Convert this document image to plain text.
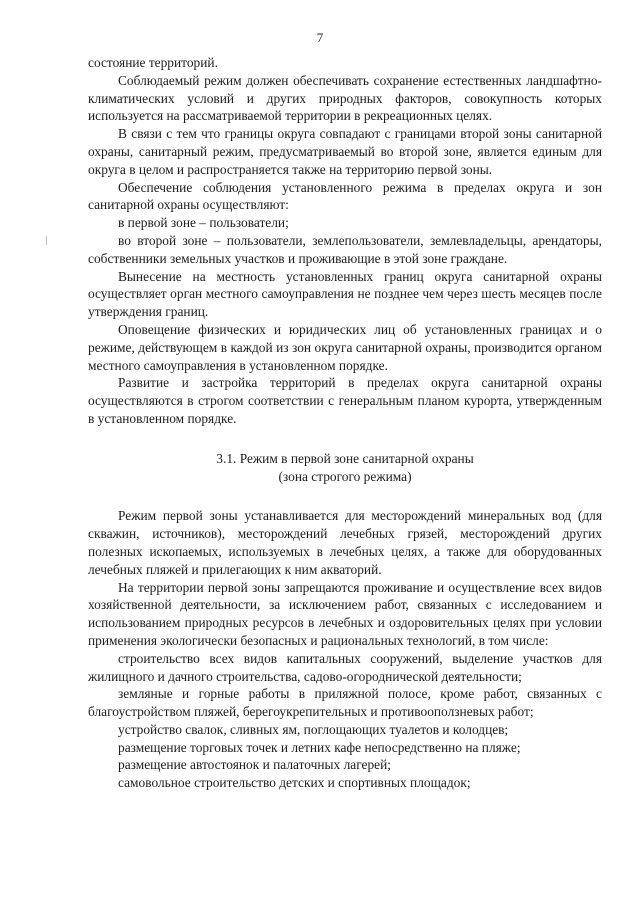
7

состояние территорий.

Соблюдаемый режим должен обеспечивать сохранение естественных ландшафтно-климатических условий и других природных факторов, совокупность которых используется на рассматриваемой территории в рекреационных целях.

В связи с тем что границы округа совпадают с границами второй зоны санитарной охраны, санитарный режим, предусматриваемый во второй зоне, является единым для округа в целом и распространяется также на территорию первой зоны.

Обеспечение соблюдения установленного режима в пределах округа и зон санитарной охраны осуществляют:

в первой зоне – пользователи;

во второй зоне – пользователи, землепользователи, землевладельцы, арендаторы, собственники земельных участков и проживающие в этой зоне граждане.

Вынесение на местность установленных границ округа санитарной охраны осуществляет орган местного самоуправления не позднее чем через шесть месяцев после утверждения границ.

Оповещение физических и юридических лиц об установленных границах и о режиме, действующем в каждой из зон округа санитарной охраны, производится органом местного самоуправления в установленном порядке.

Развитие и застройка территорий в пределах округа санитарной охраны осуществляются в строгом соответствии с генеральным планом курорта, утвержденным в установленном порядке.

3.1. Режим в первой зоне санитарной охраны
(зона строгого режима)

Режим первой зоны устанавливается для месторождений минеральных вод (для скважин, источников), месторождений лечебных грязей, месторождений других полезных ископаемых, используемых в лечебных целях, а также для оборудованных лечебных пляжей и прилегающих к ним акваторий.

На территории первой зоны запрещаются проживание и осуществление всех видов хозяйственной деятельности, за исключением работ, связанных с исследованием и использованием природных ресурсов в лечебных и оздоровительных целях при условии применения экологически безопасных и рациональных технологий, в том числе:

строительство всех видов капитальных сооружений, выделение участков для жилищного и дачного строительства, садово-огороднической деятельности;

земляные и горные работы в приляжной полосе, кроме работ, связанных с благоустройством пляжей, берегоукрепительных и противооползневых работ;

устройство свалок, сливных ям, поглощающих туалетов и колодцев;

размещение торговых точек и летних кафе непосредственно на пляже;

размещение автостоянок и палаточных лагерей;

самовольное строительство детских и спортивных площадок;
